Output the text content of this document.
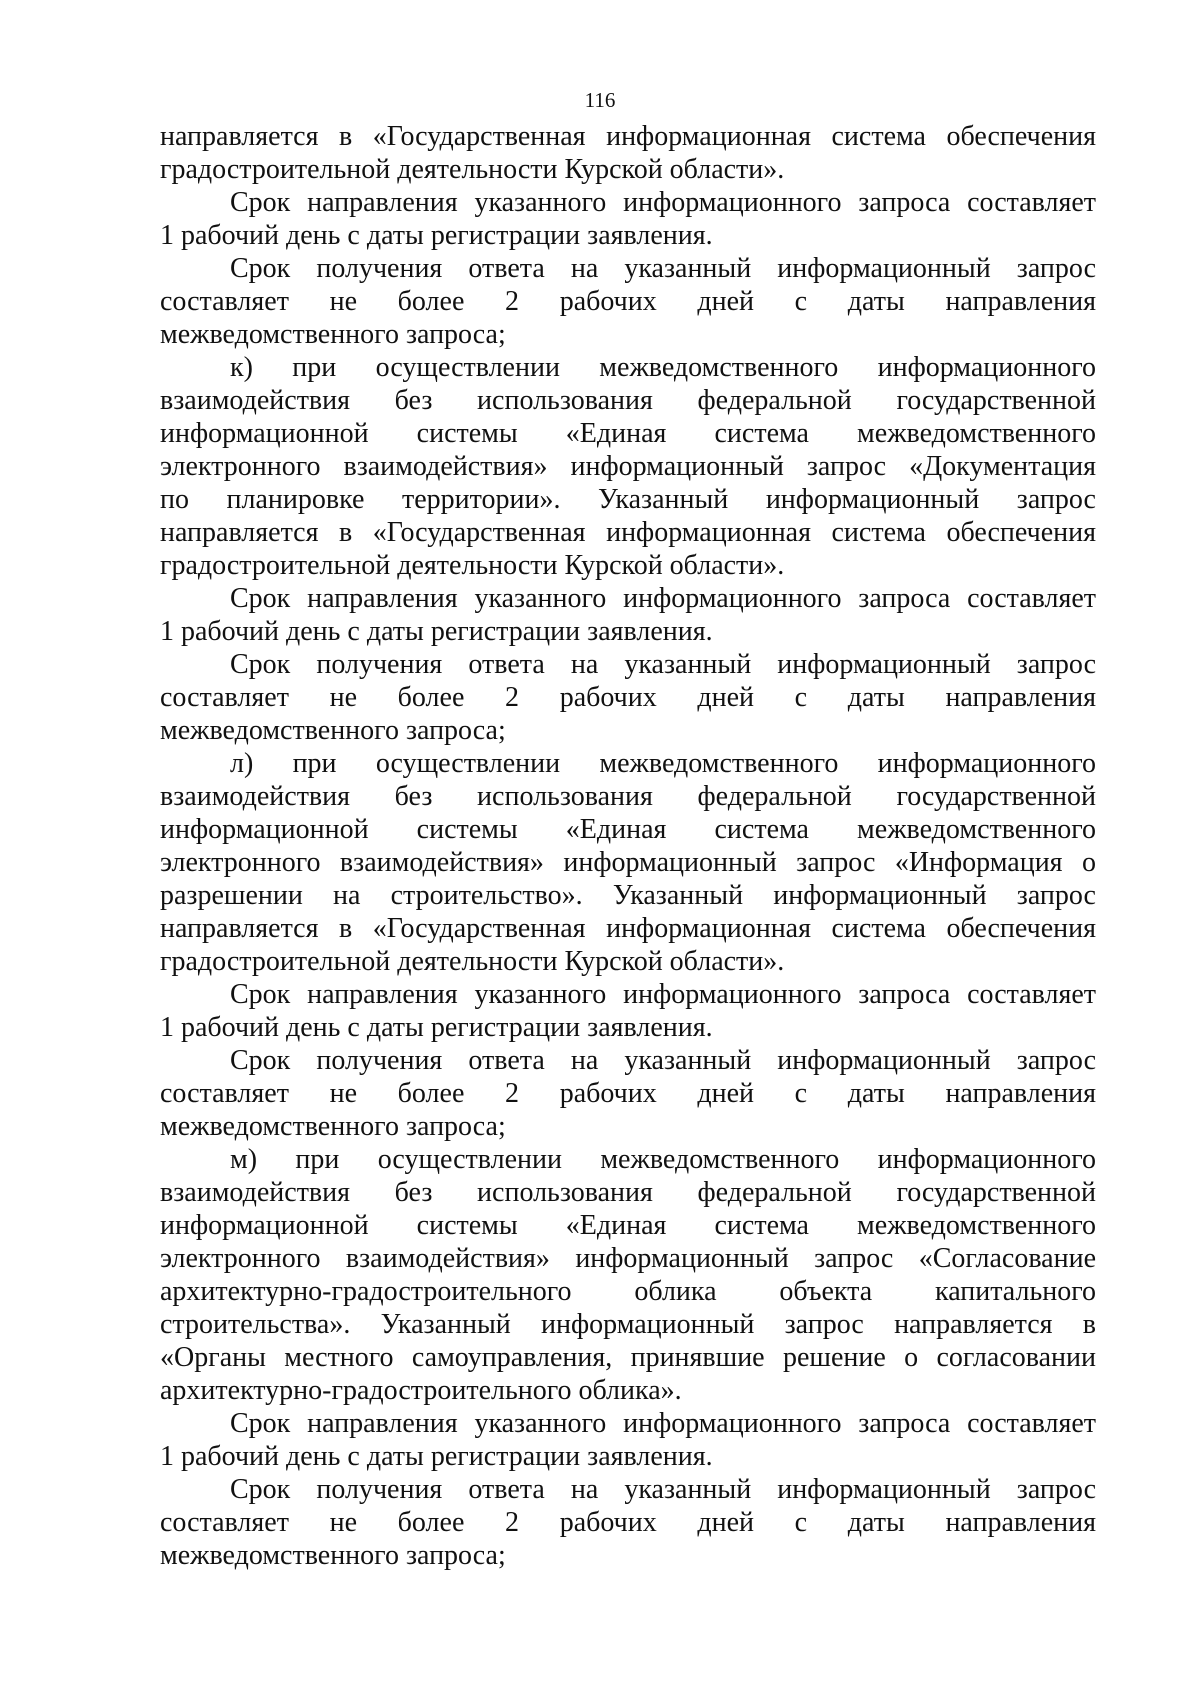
116
направляется в «Государственная информационная система обеспечения
градостроительной деятельности Курской области».
Срок направления указанного информационного запроса составляет
1 рабочий день с даты регистрации заявления.
Срок получения ответа на указанный информационный запрос
составляет не более 2 рабочих дней с даты направления
межведомственного запроса;
к) при осуществлении межведомственного информационного
взаимодействия без использования федеральной государственной
информационной системы «Единая система межведомственного
электронного взаимодействия» информационный запрос «Документация
по планировке территории». Указанный информационный запрос
направляется в «Государственная информационная система обеспечения
градостроительной деятельности Курской области».
Срок направления указанного информационного запроса составляет
1 рабочий день с даты регистрации заявления.
Срок получения ответа на указанный информационный запрос
составляет не более 2 рабочих дней с даты направления
межведомственного запроса;
л) при осуществлении межведомственного информационного
взаимодействия без использования федеральной государственной
информационной системы «Единая система межведомственного
электронного взаимодействия» информационный запрос «Информация о
разрешении на строительство». Указанный информационный запрос
направляется в «Государственная информационная система обеспечения
градостроительной деятельности Курской области».
Срок направления указанного информационного запроса составляет
1 рабочий день с даты регистрации заявления.
Срок получения ответа на указанный информационный запрос
составляет не более 2 рабочих дней с даты направления
межведомственного запроса;
м) при осуществлении межведомственного информационного
взаимодействия без использования федеральной государственной
информационной системы «Единая система межведомственного
электронного взаимодействия» информационный запрос «Согласование
архитектурно-градостроительного облика объекта капитального
строительства». Указанный информационный запрос направляется в
«Органы местного самоуправления, принявшие решение о согласовании
архитектурно-градостроительного облика».
Срок направления указанного информационного запроса составляет
1 рабочий день с даты регистрации заявления.
Срок получения ответа на указанный информационный запрос
составляет не более 2 рабочих дней с даты направления
межведомственного запроса;
